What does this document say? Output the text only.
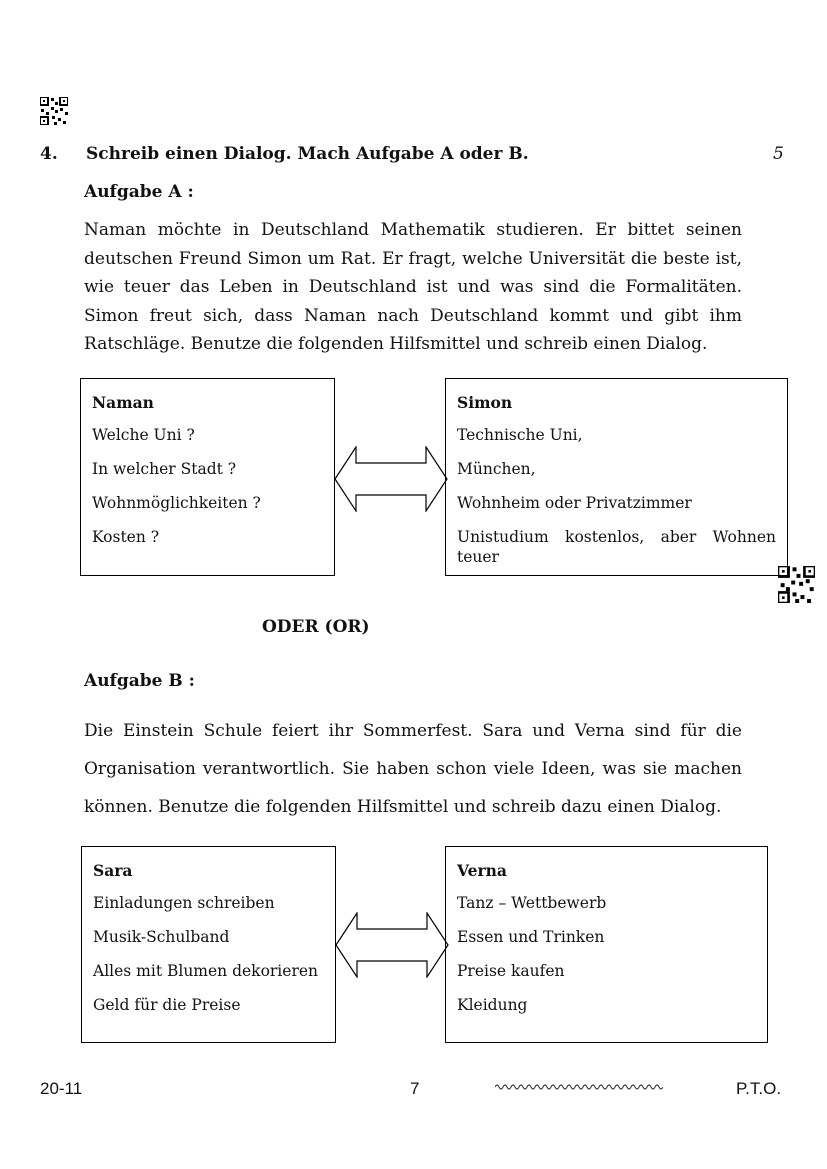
4. Schreib einen Dialog. Mach Aufgabe A oder B.	5
Aufgabe A :
Naman möchte in Deutschland Mathematik studieren. Er bittet seinen deutschen Freund Simon um Rat. Er fragt, welche Universität die beste ist, wie teuer das Leben in Deutschland ist und was sind die Formalitäten. Simon freut sich, dass Naman nach Deutschland kommt und gibt ihm Ratschläge. Benutze die folgenden Hilfsmittel und schreib einen Dialog.
Naman
Welche Uni ?
In welcher Stadt ?
Wohnmöglichkeiten ?
Kosten ?
Simon
Technische Uni,
München,
Wohnheim oder Privatzimmer
Unistudium kostenlos, aber Wohnen
teuer
ODER (OR)
Aufgabe B :
Die Einstein Schule feiert ihr Sommerfest. Sara und Verna sind für die Organisation verantwortlich. Sie haben schon viele Ideen, was sie machen können. Benutze die folgenden Hilfsmittel und schreib dazu einen Dialog.
Sara
Einladungen schreiben
Musik-Schulband
Alles mit Blumen dekorieren
Geld für die Preise
Verna
Tanz – Wettbewerb
Essen und Trinken
Preise kaufen
Kleidung
20-11	7	P.T.O.
